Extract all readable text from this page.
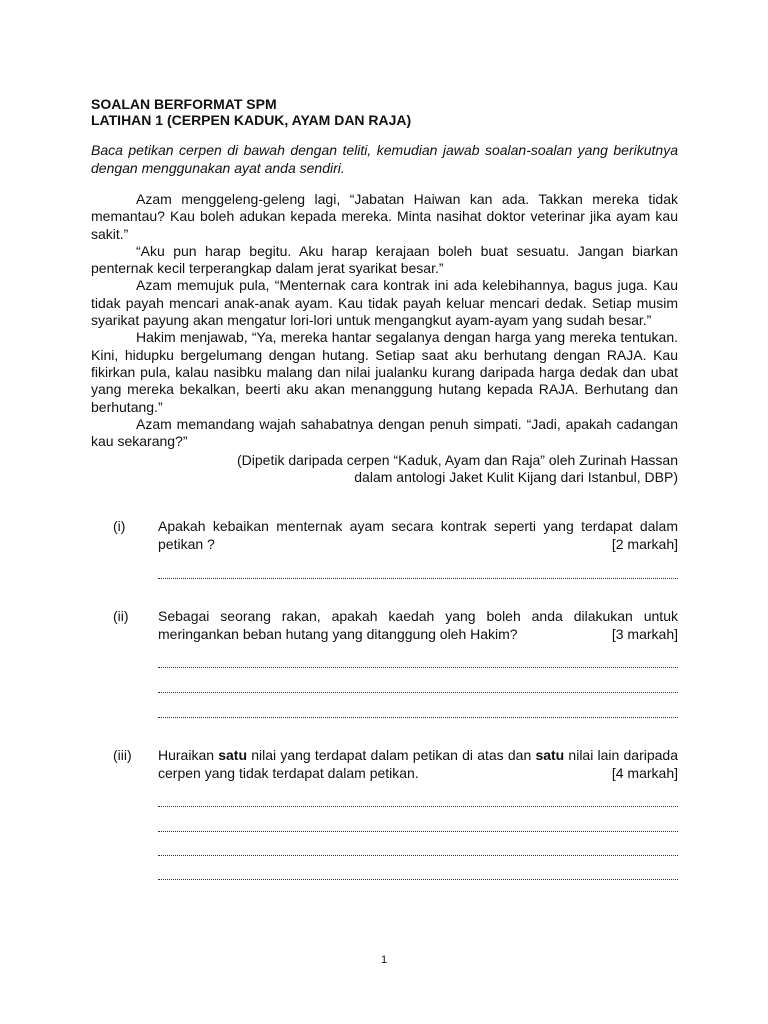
SOALAN BERFORMAT SPM
LATIHAN 1 (CERPEN KADUK, AYAM DAN RAJA)

Baca petikan cerpen di bawah dengan teliti, kemudian jawab soalan-soalan yang berikutnya dengan menggunakan ayat anda sendiri.

Azam menggeleng-geleng lagi, “Jabatan Haiwan kan ada. Takkan mereka tidak memantau? Kau boleh adukan kepada mereka. Minta nasihat doktor veterinar jika ayam kau sakit.”

“Aku pun harap begitu. Aku harap kerajaan boleh buat sesuatu. Jangan biarkan penternak kecil terperangkap dalam jerat syarikat besar.”

Azam memujuk pula, “Menternak cara kontrak ini ada kelebihannya, bagus juga. Kau tidak payah mencari anak-anak ayam. Kau tidak payah keluar mencari dedak. Setiap musim syarikat payung akan mengatur lori-lori untuk mengangkut ayam-ayam yang sudah besar.”

Hakim menjawab, “Ya, mereka hantar segalanya dengan harga yang mereka tentukan. Kini, hidupku bergelumang dengan hutang. Setiap saat aku berhutang dengan RAJA. Kau fikirkan pula, kalau nasibku malang dan nilai jualanku kurang daripada harga dedak dan ubat yang mereka bekalkan, beerti aku akan menanggung hutang kepada RAJA. Berhutang dan berhutang.”

Azam memandang wajah sahabatnya dengan penuh simpati. “Jadi, apakah cadangan kau sekarang?”

(Dipetik daripada cerpen “Kaduk, Ayam dan Raja” oleh Zurinah Hassan
dalam antologi Jaket Kulit Kijang dari Istanbul, DBP)
(i) Apakah kebaikan menternak ayam secara kontrak seperti yang terdapat dalam
petikan ?	[2 markah]
(ii) Sebagai seorang rakan, apakah kaedah yang boleh anda dilakukan untuk
meringankan beban hutang yang ditanggung oleh Hakim?	[3 markah]
(iii) Huraikan satu nilai yang terdapat dalam petikan di atas dan satu nilai lain daripada
cerpen yang tidak terdapat dalam petikan.	[4 markah]
1
